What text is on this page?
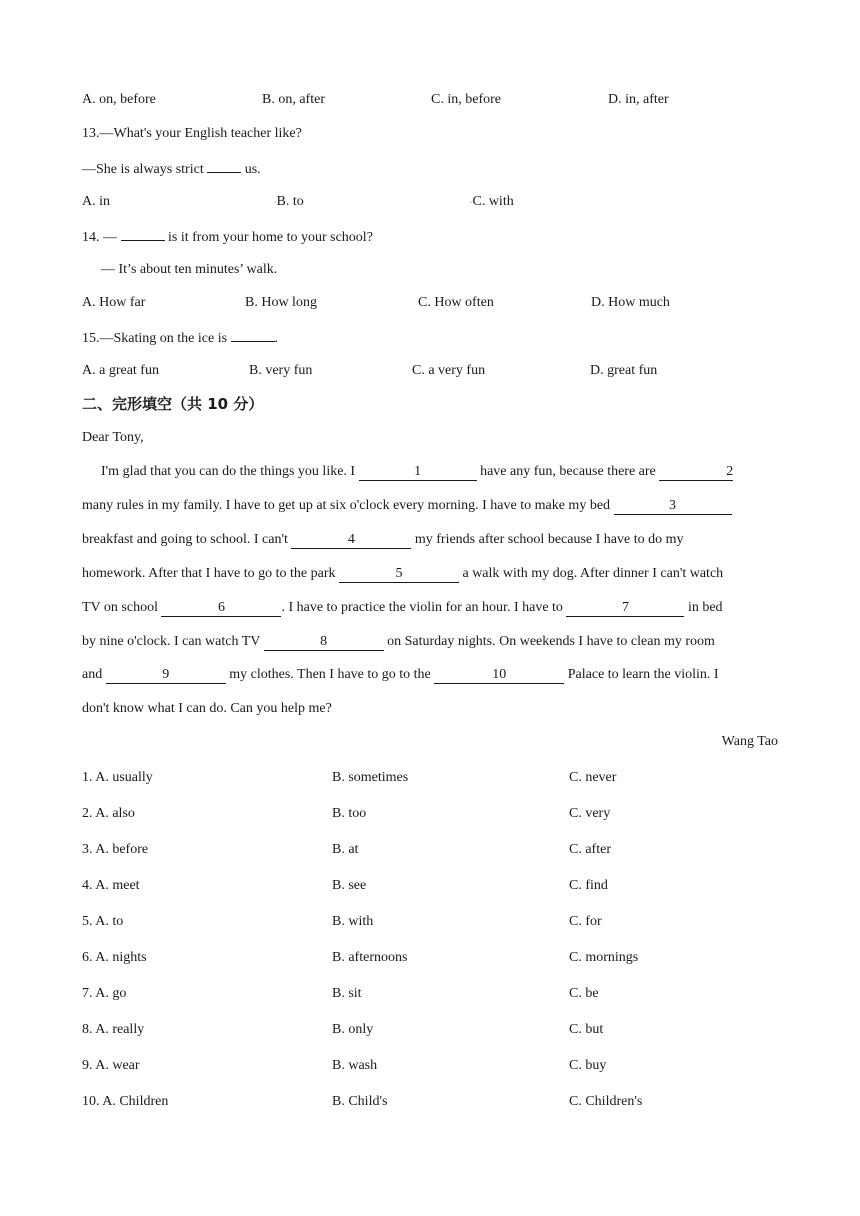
A. on, before	B. on, after	C. in, before	D. in, after
13.—What's your English teacher like?
—She is always strict  us.
A. in	◦B. to	◦C. with
14. —	is it from your home to your school?
— It’s about ten minutes’ walk.
A. How far	B. How long	C. How often	D. How much
15.—Skating on the ice is	.
A. a great fun	B. very fun	C. a very fun	D. great fun
二、完形填空（共 10 分）
Dear Tony,
I'm glad that you can do the things you like. I	1	have any fun, because there are	2
many rules in my family. I have to get up at six o'clock every morning. I have to make my bed	3
breakfast and going to school. I can't	4	my friends after school because I have to do my
homework. After that I have to go to the park	5	a walk with my dog. After dinner I can't watch
TV on school	6	. I have to practice the violin for an hour. I have to	7	in bed
by nine o'clock. I can watch TV	8	on Saturday nights. On weekends I have to clean my room
and	9	my clothes. Then I have to go to the	10	Palace to learn the violin. I
don't know what I can do. Can you help me?
Wang Tao
1. A. usually	B. sometimes	C. never
2. A. also	B. too	C. very
3. A. before	B. at	C. after
4. A. meet	B. see	C. find
5. A. to	B. with	C. for
6. A. nights	B. afternoons	C. mornings
7. A. go	B. sit	C. be
8. A. really	B. only	C. but
9. A. wear	B. wash	C. buy
10. A. Children	B. Child's	C. Children's
